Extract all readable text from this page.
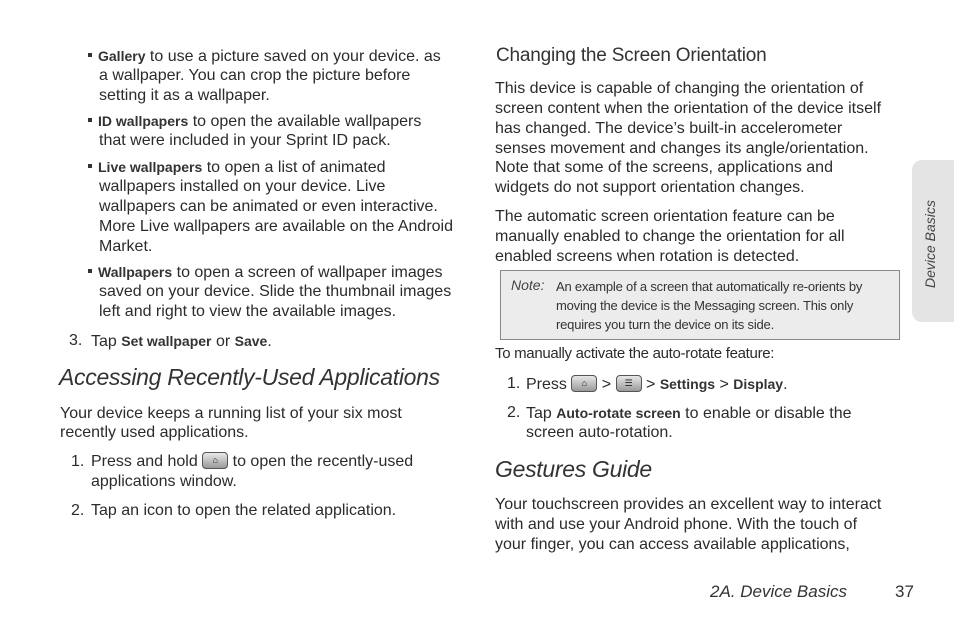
Gallery to use a picture saved on your device. as
a wallpaper. You can crop the picture before
setting it as a wallpaper.
ID wallpapers to open the available wallpapers
that were included in your Sprint ID pack.
Live wallpapers to open a list of animated
wallpapers installed on your device. Live
wallpapers can be animated or even interactive.
More Live wallpapers are available on the Android
Market.
Wallpapers to open a screen of wallpaper images
saved on your device. Slide the thumbnail images
left and right to view the available images.
3. Tap Set wallpaper or Save.
Accessing Recently-Used Applications
Your device keeps a running list of your six most
recently used applications.
1. Press and hold ⌂ to open the recently-used
applications window.
2. Tap an icon to open the related application.
Changing the Screen Orientation
This device is capable of changing the orientation of
screen content when the orientation of the device itself
has changed. The device’s built-in accelerometer
senses movement and changes its angle/orientation.
Note that some of the screens, applications and
widgets do not support orientation changes.
The automatic screen orientation feature can be
manually enabled to change the orientation for all
enabled screens when rotation is detected.
Note: An example of a screen that automatically re-orients by
moving the device is the Messaging screen. This only
requires you turn the device on its side.
To manually activate the auto-rotate feature:
1. Press ⌂ > ☰ > Settings > Display.
2. Tap Auto-rotate screen to enable or disable the
screen auto-rotation.
Gestures Guide
Your touchscreen provides an excellent way to interact
with and use your Android phone. With the touch of
your finger, you can access available applications,
Device Basics
2A. Device Basics	37
